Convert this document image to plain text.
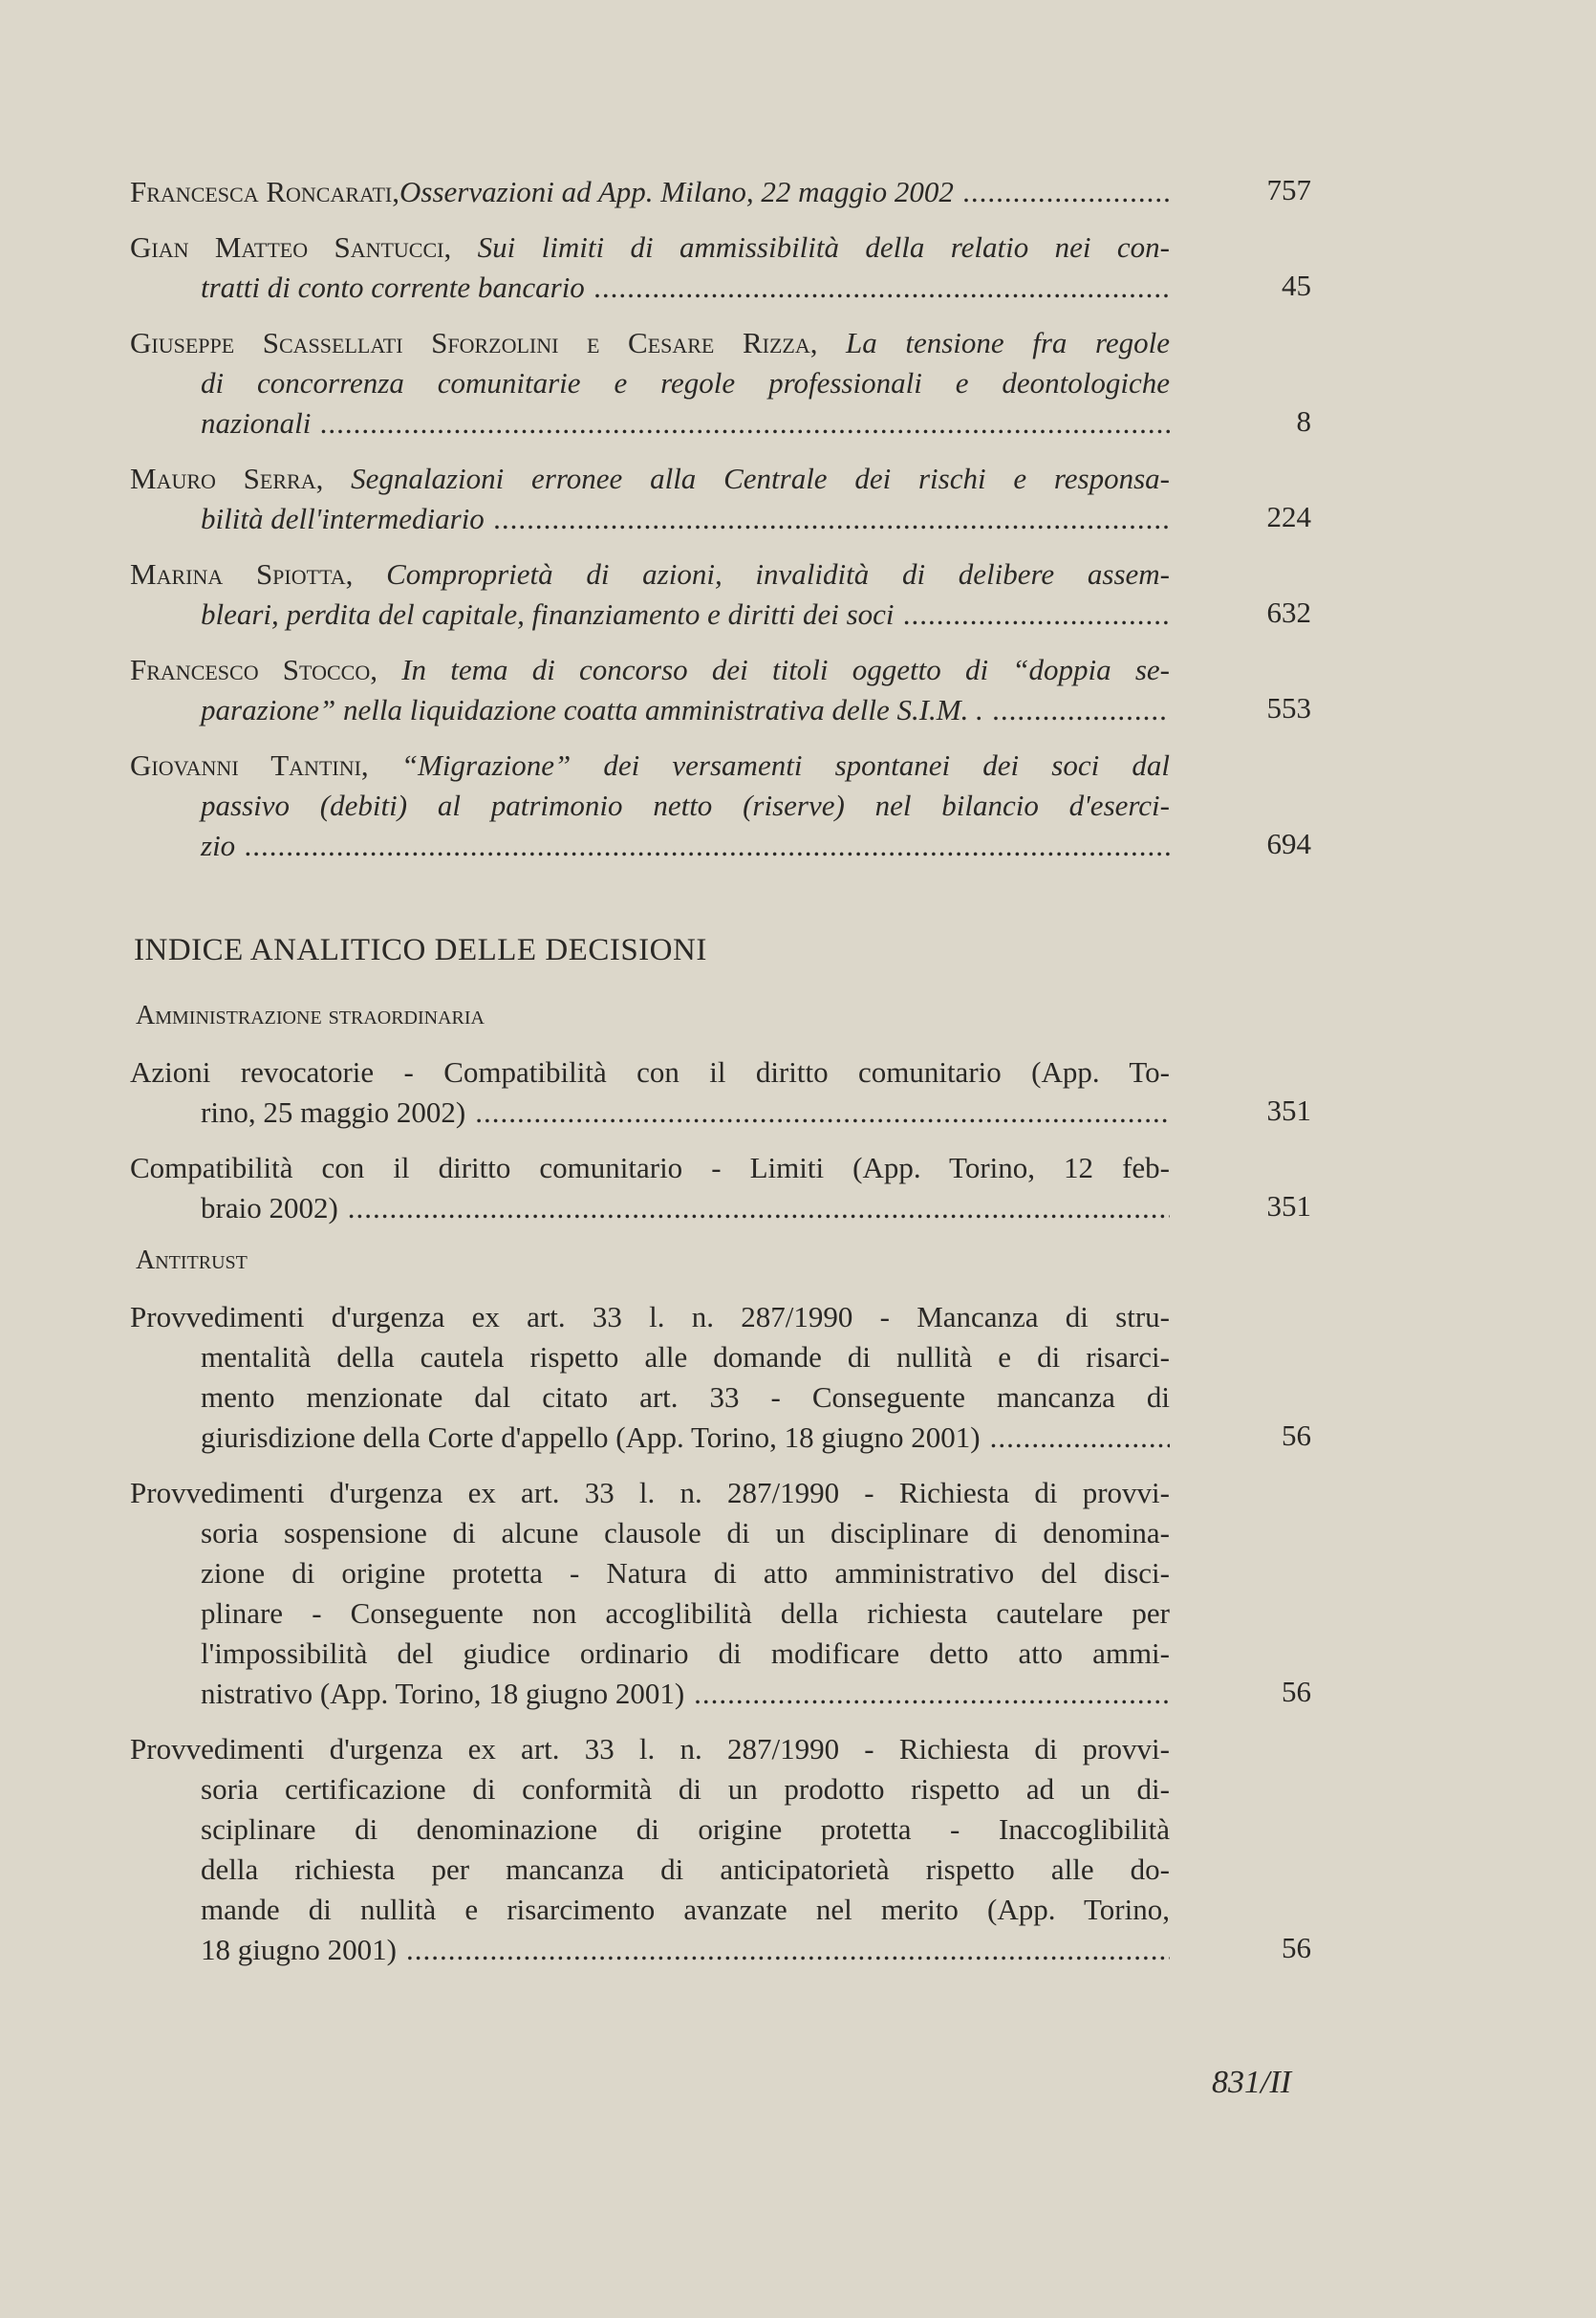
Francesca Roncarati , Osservazioni ad App. Milano, 22 maggio 2002 .....	757
Gian Matteo Santucci, Sui limiti di ammissibilità della relatio nei con-
tratti di conto corrente bancario .....	45
Giuseppe Scassellati Sforzolini e Cesare Rizza, La tensione fra regole
di concorrenza comunitarie e regole professionali e deontologiche
nazionali .....	8
Mauro Serra, Segnalazioni erronee alla Centrale dei rischi e responsa-
bilità dell'intermediario .....	224
Marina Spiotta, Comproprietà di azioni, invalidità di delibere assem-
bleari, perdita del capitale, finanziamento e diritti dei soci .....	632
Francesco Stocco, In tema di concorso dei titoli oggetto di “doppia se-
parazione” nella liquidazione coatta amministrativa delle S.I.M. . .....	553
Giovanni Tantini, “Migrazione” dei versamenti spontanei dei soci dal
passivo (debiti) al patrimonio netto (riserve) nel bilancio d'eserci-
zio .....	694
INDICE ANALITICO DELLE DECISIONI
Amministrazione straordinaria
Azioni revocatorie - Compatibilità con il diritto comunitario (App. To-
rino, 25 maggio 2002) .....	351
Compatibilità con il diritto comunitario - Limiti (App. Torino, 12 feb-
braio 2002) .....	351
Antitrust
Provvedimenti d'urgenza ex art. 33 l. n. 287/1990 - Mancanza di stru-
mentalità della cautela rispetto alle domande di nullità e di risarci-
mento menzionate dal citato art. 33 - Conseguente mancanza di
giurisdizione della Corte d'appello (App. Torino, 18 giugno 2001) .....	56
Provvedimenti d'urgenza ex art. 33 l. n. 287/1990 - Richiesta di provvi-
soria sospensione di alcune clausole di un disciplinare di denomina-
zione di origine protetta - Natura di atto amministrativo del disci-
plinare - Conseguente non accoglibilità della richiesta cautelare per
l'impossibilità del giudice ordinario di modificare detto atto ammi-
nistrativo (App. Torino, 18 giugno 2001) .....	56
Provvedimenti d'urgenza ex art. 33 l. n. 287/1990 - Richiesta di provvi-
soria certificazione di conformità di un prodotto rispetto ad un di-
sciplinare di denominazione di origine protetta - Inaccoglibilità
della richiesta per mancanza di anticipatorietà rispetto alle do-
mande di nullità e risarcimento avanzate nel merito (App. Torino,
18 giugno 2001) .....	56
831/II
